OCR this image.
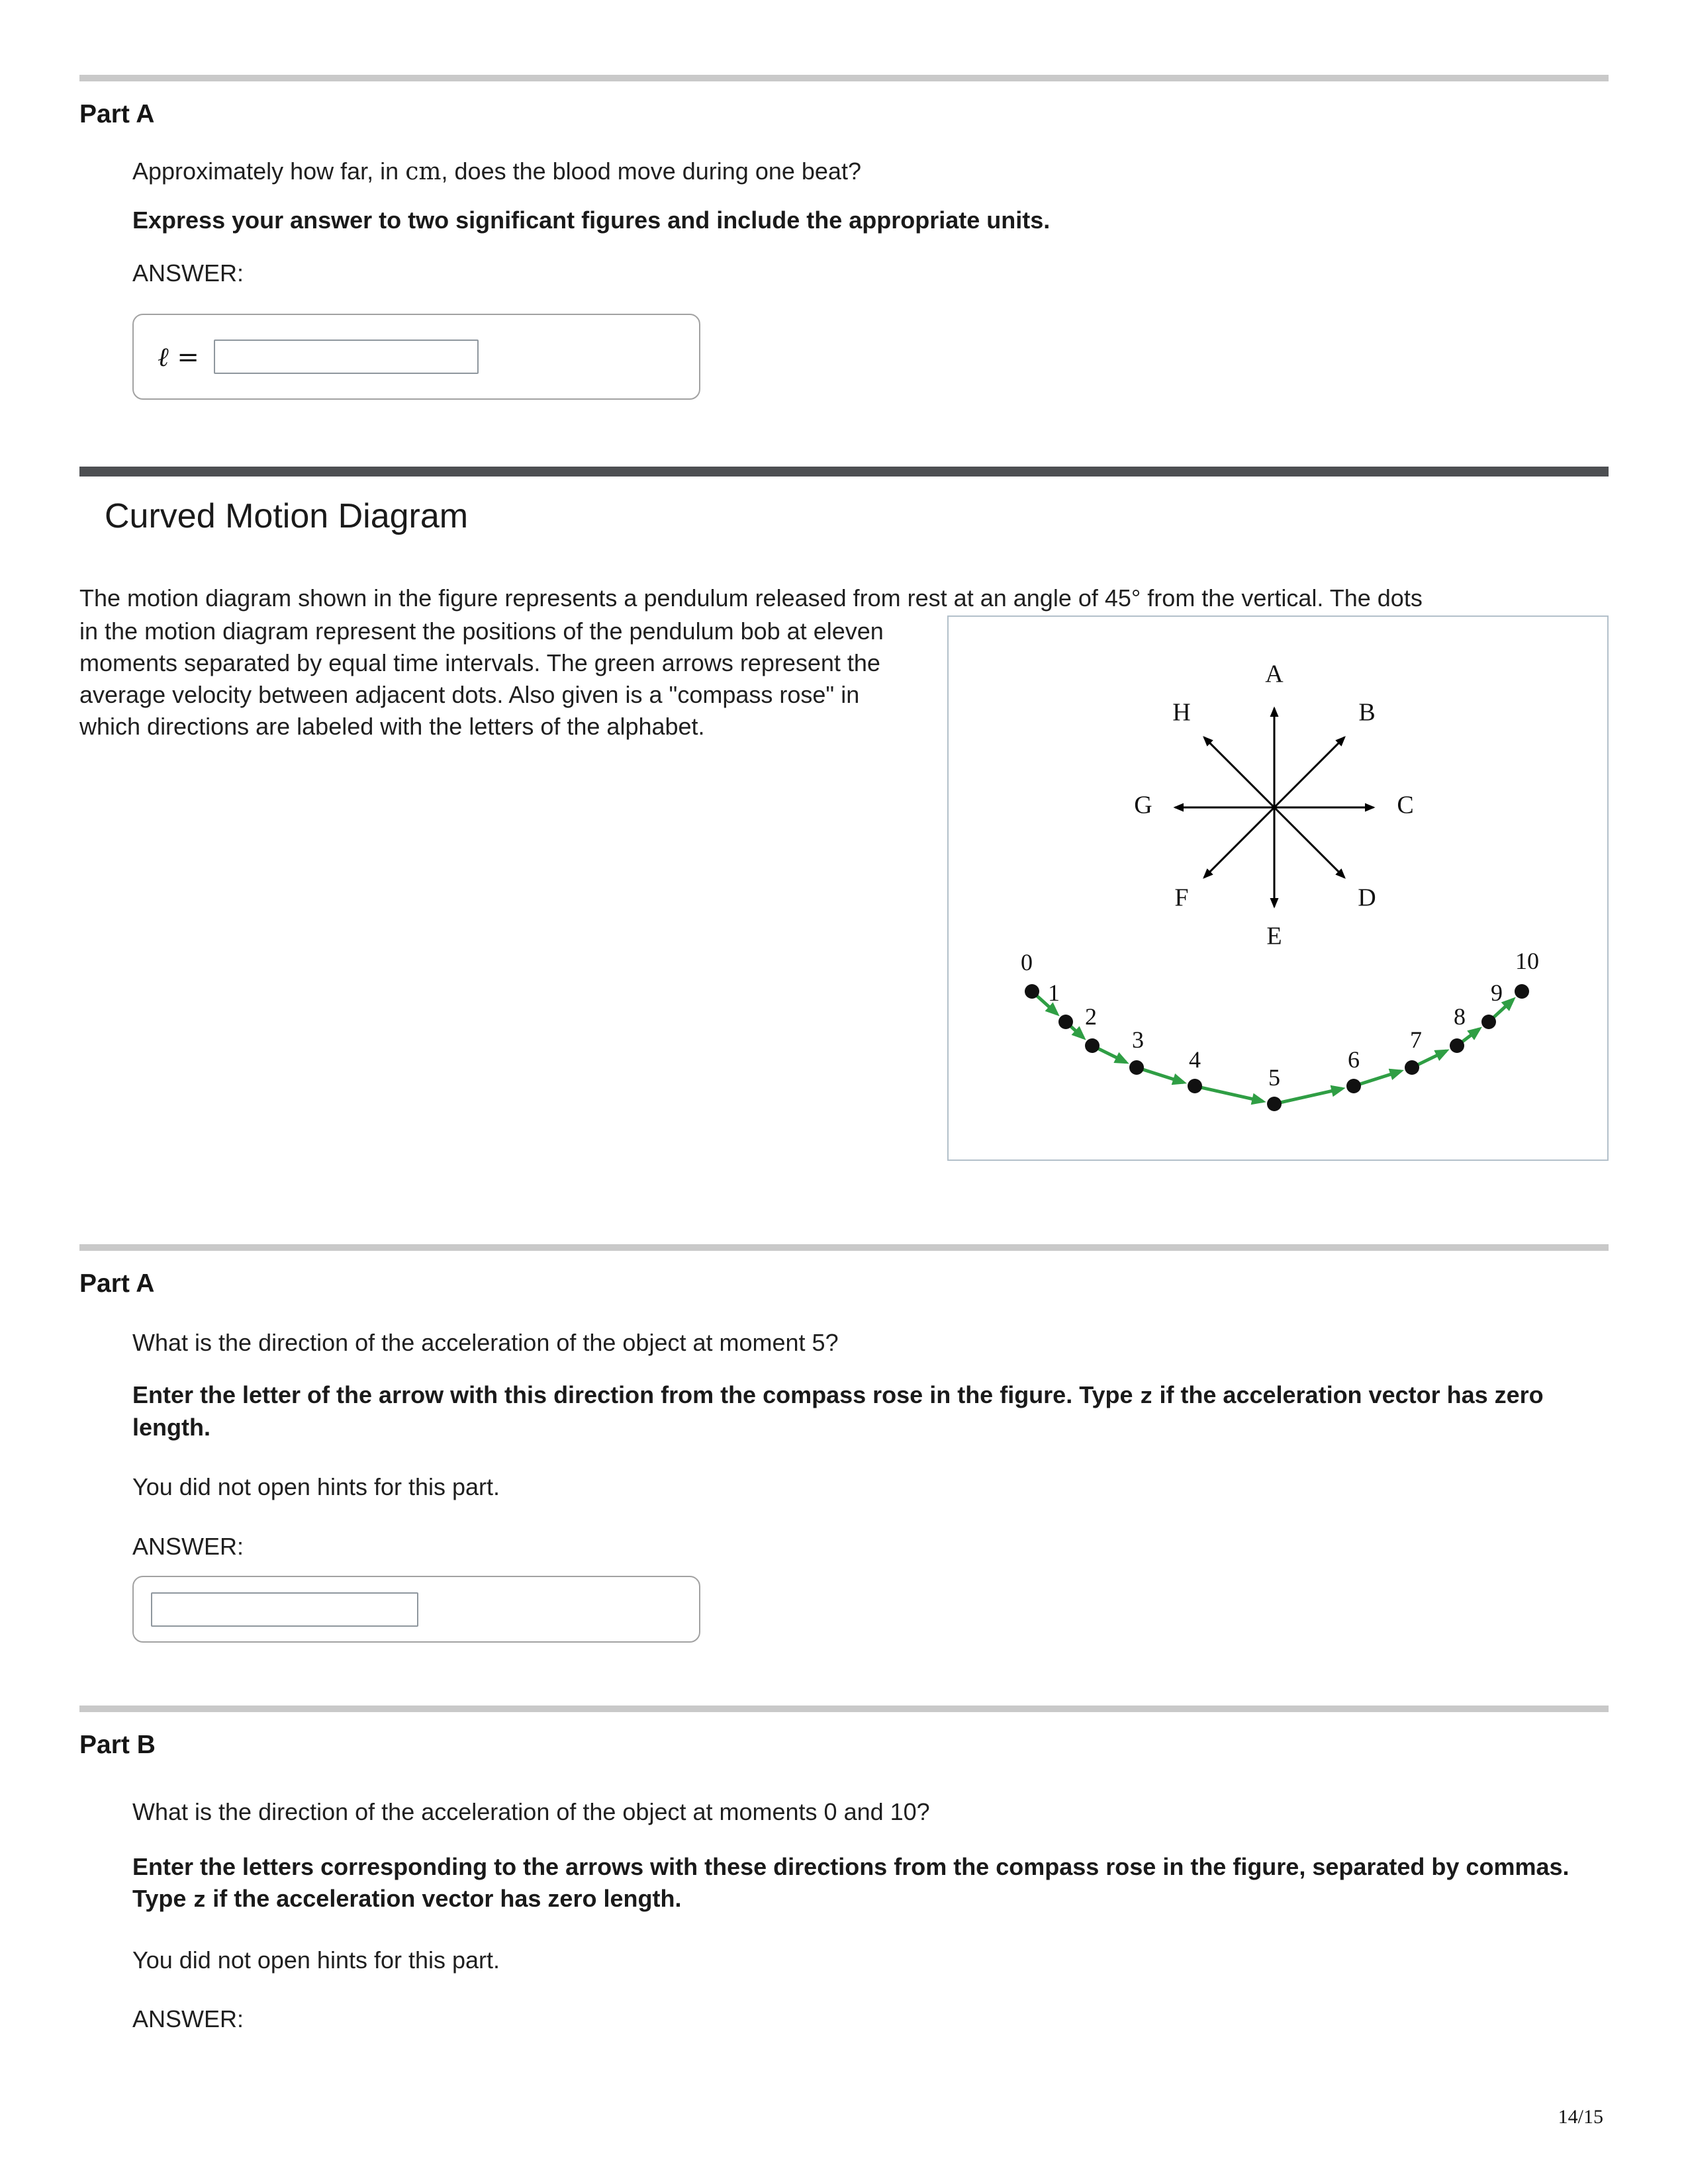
Part A

Approximately how far, in cm, does the blood move during one beat?

Express your answer to two significant figures and include the appropriate units.

ANSWER:

ℓ =
Curved Motion Diagram

The motion diagram shown in the figure represents a pendulum released from rest at an angle of 45° from the vertical. The dots

in the motion diagram represent the positions of the pendulum bob at eleven moments separated by equal time intervals. The green arrows represent the average velocity between adjacent dots. Also given is a "compass rose" in which directions are labeled with the letters of the alphabet.

A
B
C
D
E
F
G
H
0
1
2
3
4
5
6
7
8
9
10
Part A

What is the direction of the acceleration of the object at moment 5?

Enter the letter of the arrow with this direction from the compass rose in the figure. Type z if the acceleration vector has zero length.

You did not open hints for this part.

ANSWER:

Part B

What is the direction of the acceleration of the object at moments 0 and 10?

Enter the letters corresponding to the arrows with these directions from the compass rose in the figure, separated by commas. Type z if the acceleration vector has zero length.

You did not open hints for this part.

ANSWER:

14/15
